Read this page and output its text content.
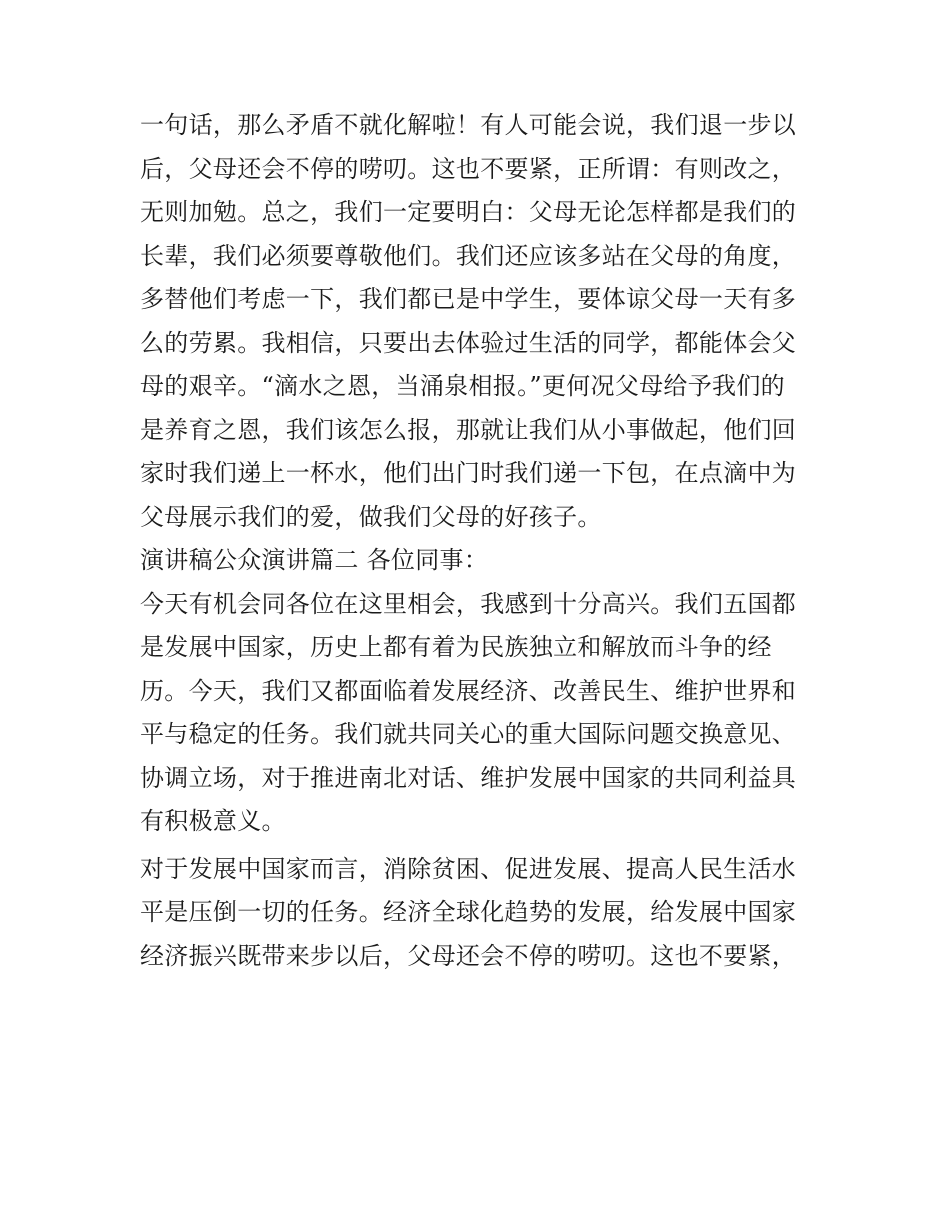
一句话，那么矛盾不就化解啦！有人可能会说，我们退一步以
后，父母还会不停的唠叨。这也不要紧，正所谓：有则改之，
无则加勉。总之，我们一定要明白：父母无论怎样都是我们的
长辈，我们必须要尊敬他们。我们还应该多站在父母的角度，
多替他们考虑一下，我们都已是中学生，要体谅父母一天有多
么的劳累。我相信，只要出去体验过生活的同学，都能体会父
母的艰辛。“滴水之恩，当涌泉相报。”更何况父母给予我们的
是养育之恩，我们该怎么报，那就让我们从小事做起，他们回
家时我们递上一杯水，他们出门时我们递一下包，在点滴中为
父母展示我们的爱，做我们父母的好孩子。
演讲稿公众演讲篇二 各位同事：
今天有机会同各位在这里相会，我感到十分高兴。我们五国都
是发展中国家，历史上都有着为民族独立和解放而斗争的经
历。今天，我们又都面临着发展经济、改善民生、维护世界和
平与稳定的任务。我们就共同关心的重大国际问题交换意见、
协调立场，对于推进南北对话、维护发展中国家的共同利益具
有积极意义。
对于发展中国家而言，消除贫困、促进发展、提高人民生活水
平是压倒一切的任务。经济全球化趋势的发展，给发展中国家
经济振兴既带来步以后，父母还会不停的唠叨。这也不要紧，
